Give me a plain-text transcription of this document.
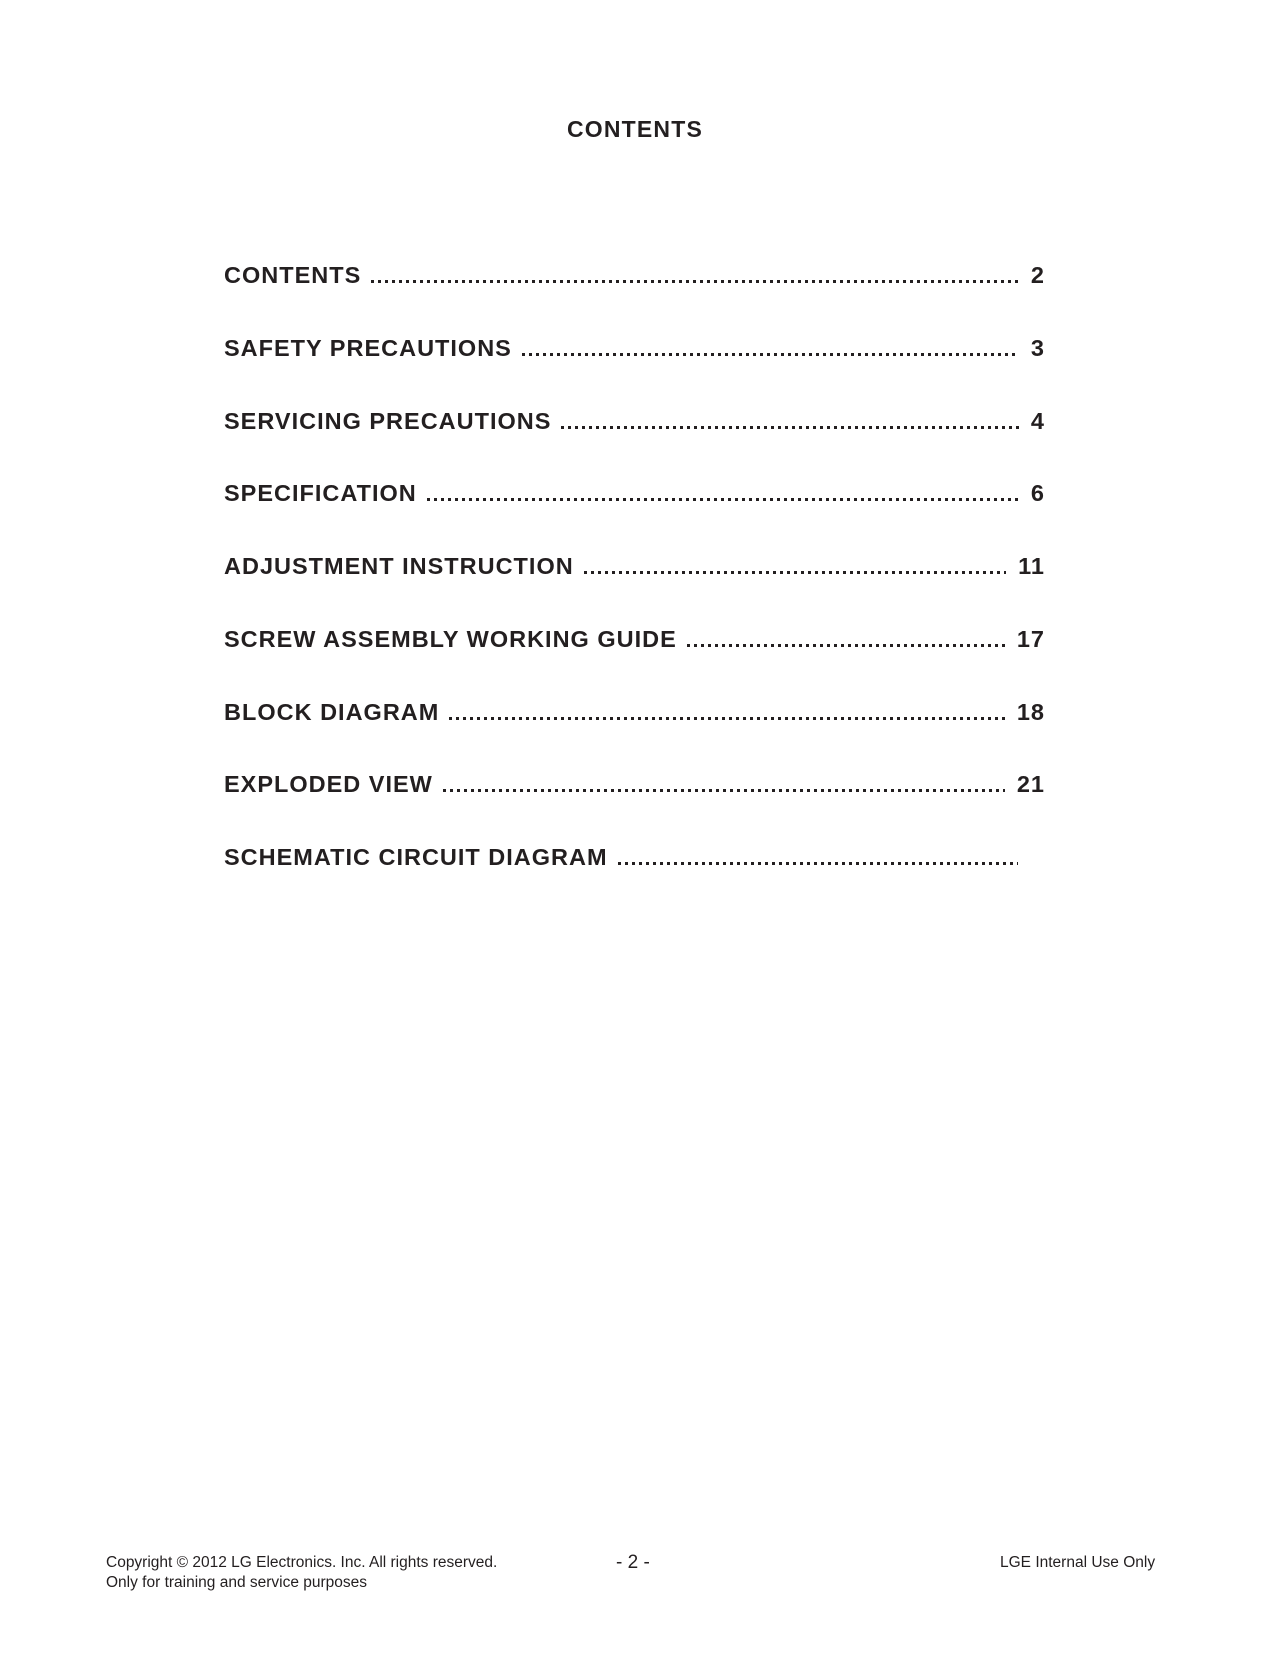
CONTENTS
CONTENTS	2
SAFETY PRECAUTIONS	3
SERVICING PRECAUTIONS	4
SPECIFICATION	6
ADJUSTMENT INSTRUCTION	11
SCREW ASSEMBLY WORKING GUIDE	17
BLOCK DIAGRAM	18
EXPLODED VIEW	21
SCHEMATIC CIRCUIT DIAGRAM
Copyright © 2012 LG Electronics. Inc. All rights reserved.
Only for training and service purposes
- 2 -	LGE Internal Use Only
